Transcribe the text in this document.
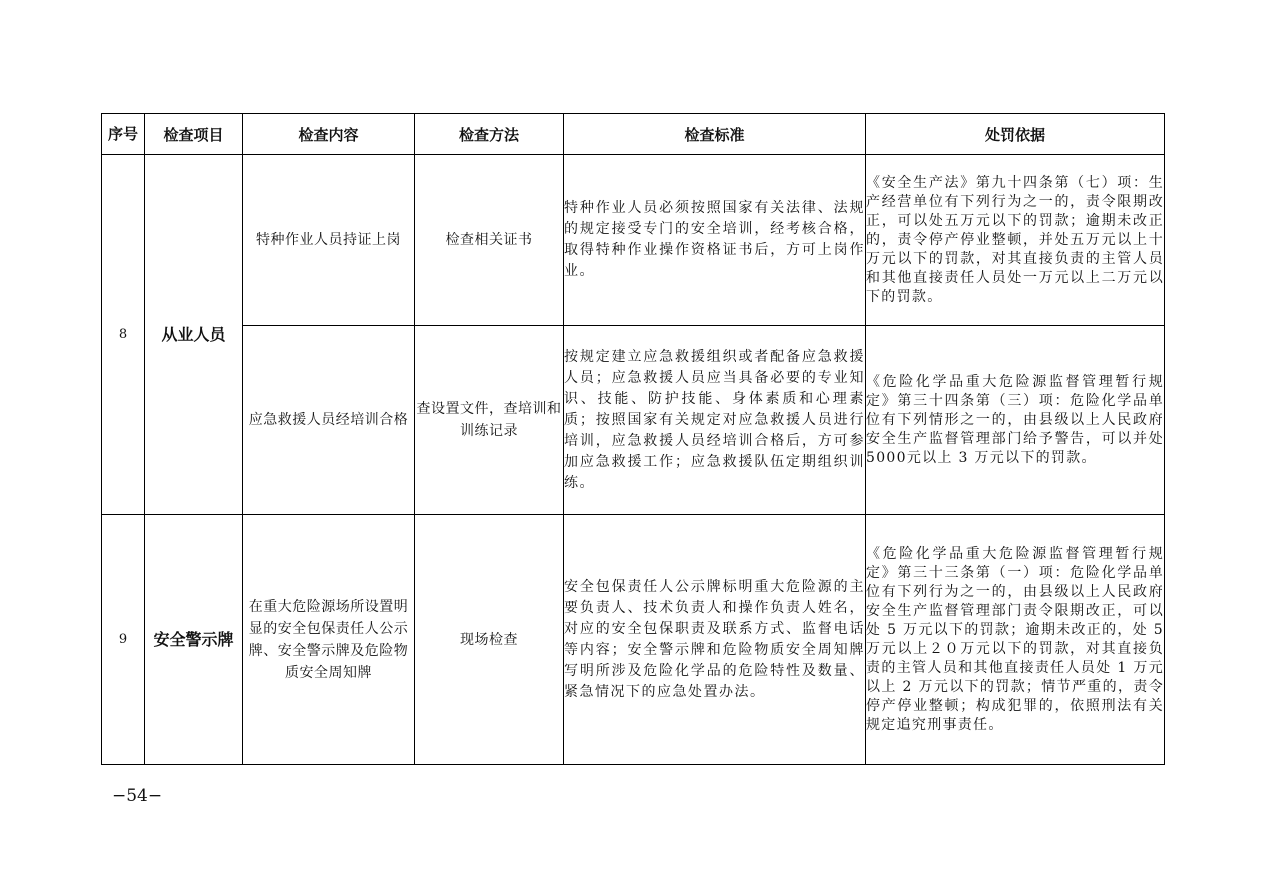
序号	检查项目	检查内容	检查方法	检查标准	处罚依据
8	从业人员	特种作业人员持证上岗	检查相关证书	特种作业人员必须按照国家有关法律、法规的规定接受专门的安全培训，经考核合格，取得特种作业操作资格证书后，方可上岗作业。	《安全生产法》第九十四条第（七）项：生产经营单位有下列行为之一的，责令限期改正，可以处五万元以下的罚款；逾期未改正的，责令停产停业整顿，并处五万元以上十万元以下的罚款，对其直接负责的主管人员和其他直接责任人员处一万元以上二万元以下的罚款。
		应急救援人员经培训合格	查设置文件，查培训和训练记录	按规定建立应急救援组织或者配备应急救援人员；应急救援人员应当具备必要的专业知识、技能、防护技能、身体素质和心理素质；按照国家有关规定对应急救援人员进行培训，应急救援人员经培训合格后，方可参加应急救援工作；应急救援队伍定期组织训练。	《危险化学品重大危险源监督管理暂行规定》第三十四条第（三）项：危险化学品单位有下列情形之一的，由县级以上人民政府安全生产监督管理部门给予警告，可以并处 5000元以上 3 万元以下的罚款。
9	安全警示牌	在重大危险源场所设置明显的安全包保责任人公示牌、安全警示牌及危险物质安全周知牌	现场检查	安全包保责任人公示牌标明重大危险源的主要负责人、技术负责人和操作负责人姓名，对应的安全包保职责及联系方式、监督电话等内容；安全警示牌和危险物质安全周知牌写明所涉及危险化学品的危险特性及数量、紧急情况下的应急处置办法。	《危险化学品重大危险源监督管理暂行规定》第三十三条第（一）项：危险化学品单位有下列行为之一的，由县级以上人民政府安全生产监督管理部门责令限期改正，可以处 5 万元以下的罚款；逾期未改正的，处 5万元以上２０万元以下的罚款，对其直接负责的主管人员和其他直接责任人员处 1 万元以上 2 万元以下的罚款；情节严重的，责令停产停业整顿；构成犯罪的，依照刑法有关规定追究刑事责任。
−54−
